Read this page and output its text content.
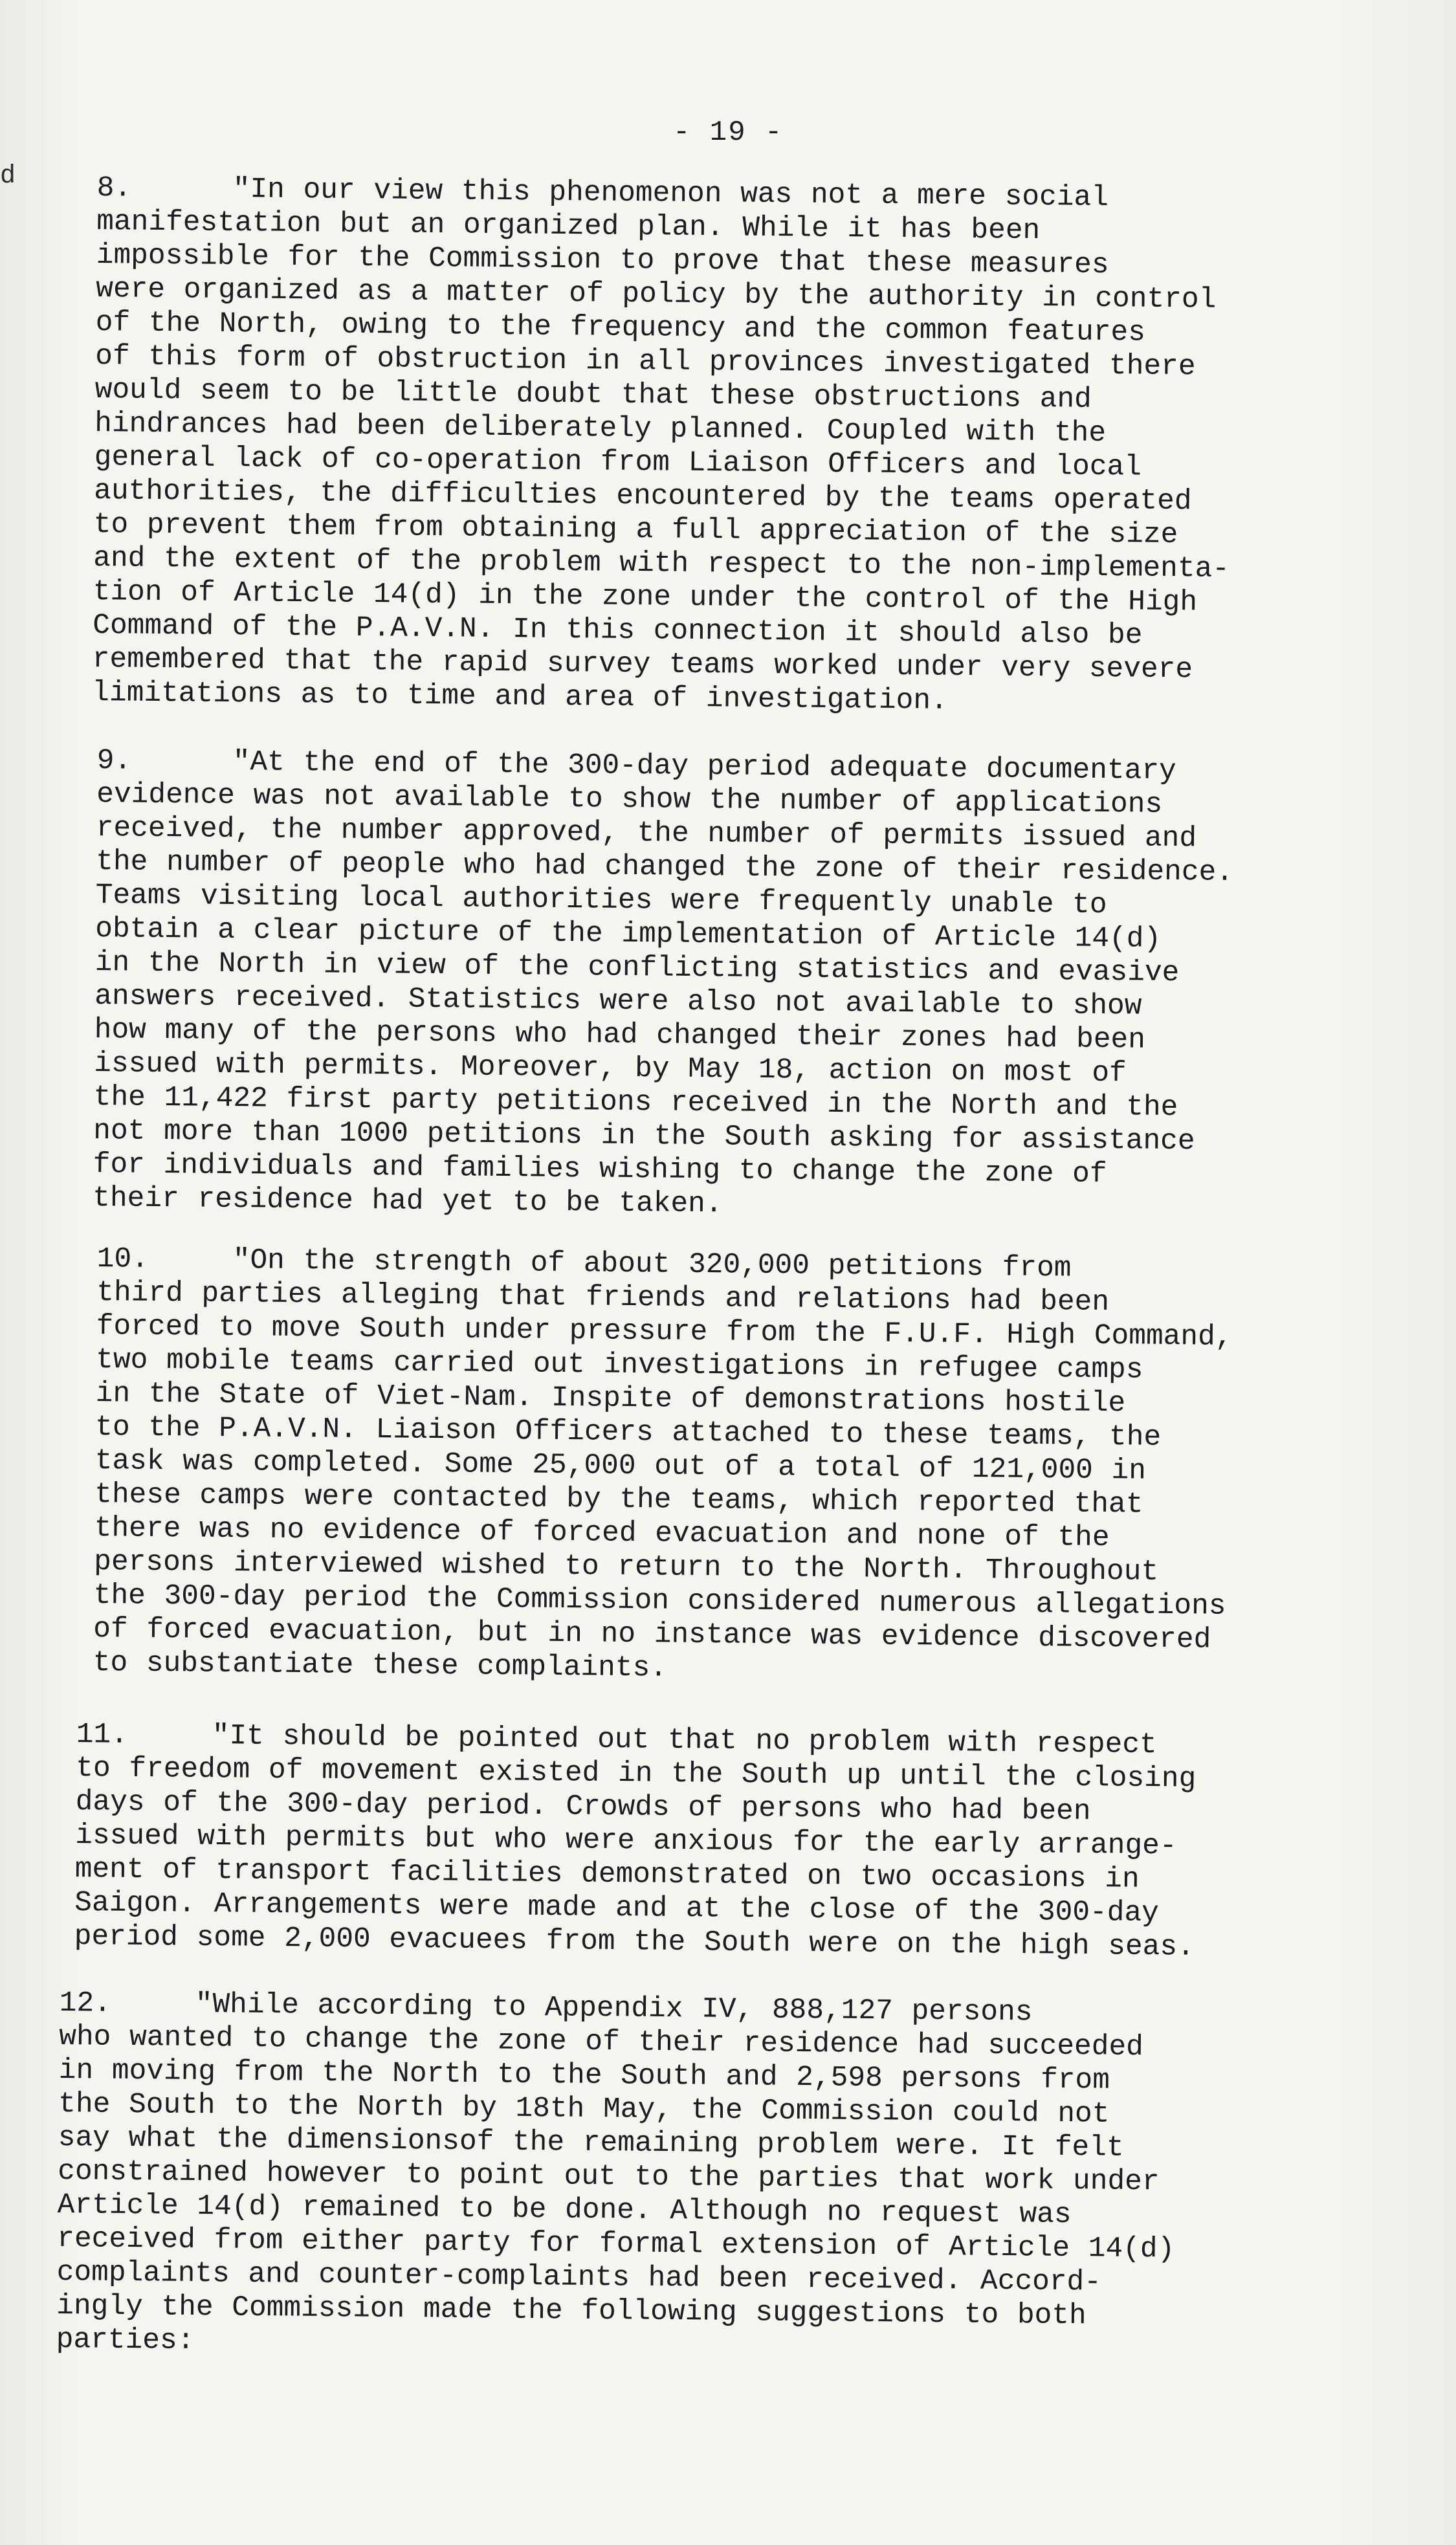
d
- 19 -
8.	"In our view this phenomenon was not a mere social
manifestation but an organized plan. While it has been
impossible for the Commission to prove that these measures
were organized as a matter of policy by the authority in control
of the North, owing to the frequency and the common features
of this form of obstruction in all provinces investigated there
would seem to be little doubt that these obstructions and
hindrances had been deliberately planned. Coupled with the
general lack of co-operation from Liaison Officers and local
authorities, the difficulties encountered by the teams operated
to prevent them from obtaining a full appreciation of the size
and the extent of the problem with respect to the non-implementa-
tion of Article 14(d) in the zone under the control of the High
Command of the P.A.V.N. In this connection it should also be
remembered that the rapid survey teams worked under very severe
limitations as to time and area of investigation.
9.	"At the end of the 300-day period adequate documentary
evidence was not available to show the number of applications
received, the number approved, the number of permits issued and
the number of people who had changed the zone of their residence.
Teams visiting local authorities were frequently unable to
obtain a clear picture of the implementation of Article 14(d)
in the North in view of the conflicting statistics and evasive
answers received. Statistics were also not available to show
how many of the persons who had changed their zones had been
issued with permits. Moreover, by May 18, action on most of
the 11,422 first party petitions received in the North and the
not more than 1000 petitions in the South asking for assistance
for individuals and families wishing to change the zone of
their residence had yet to be taken.
10.	"On the strength of about 320,000 petitions from
third parties alleging that friends and relations had been
forced to move South under pressure from the F.U.F. High Command,
two mobile teams carried out investigations in refugee camps
in the State of Viet-Nam. Inspite of demonstrations hostile
to the P.A.V.N. Liaison Officers attached to these teams, the
task was completed. Some 25,000 out of a total of 121,000 in
these camps were contacted by the teams, which reported that
there was no evidence of forced evacuation and none of the
persons interviewed wished to return to the North. Throughout
the 300-day period the Commission considered numerous allegations
of forced evacuation, but in no instance was evidence discovered
to substantiate these complaints.
11.	"It should be pointed out that no problem with respect
to freedom of movement existed in the South up until the closing
days of the 300-day period. Crowds of persons who had been
issued with permits but who were anxious for the early arrange-
ment of transport facilities demonstrated on two occasions in
Saigon. Arrangements were made and at the close of the 300-day
period some 2,000 evacuees from the South were on the high seas.
12.	"While according to Appendix IV, 888,127 persons
who wanted to change the zone of their residence had succeeded
in moving from the North to the South and 2,598 persons from
the South to the North by 18th May, the Commission could not
say what the dimensionsof the remaining problem were. It felt
constrained however to point out to the parties that work under
Article 14(d) remained to be done. Although no request was
received from either party for formal extension of Article 14(d)
complaints and counter-complaints had been received. Accord-
ingly the Commission made the following suggestions to both
parties:
